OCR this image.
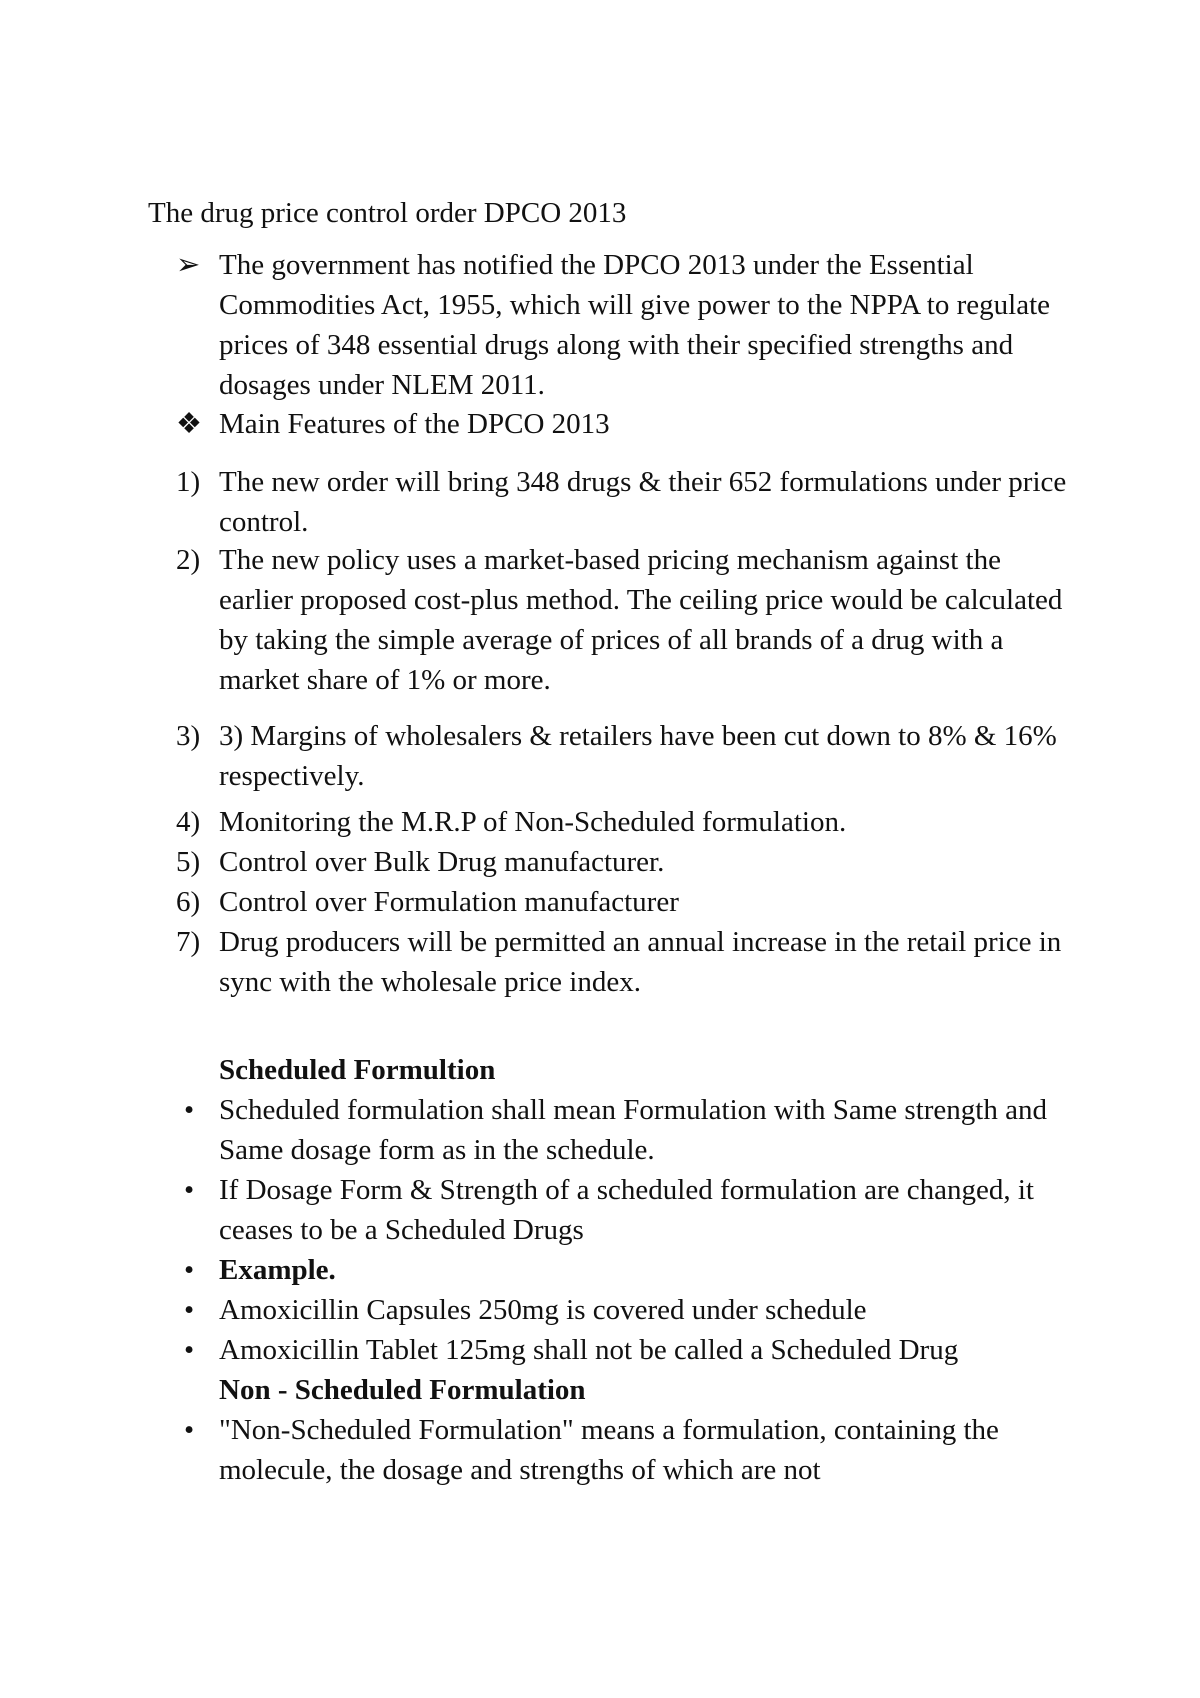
The drug price control order DPCO 2013
➢ The government has notified the DPCO 2013 under the Essential Commodities Act, 1955, which will give power to the NPPA to regulate prices of 348 essential drugs along with their specified strengths and dosages under NLEM 2011.
❖ Main Features of the DPCO 2013
1) The new order will bring 348 drugs & their 652 formulations under price control.
2) The new policy uses a market-based pricing mechanism against the earlier proposed cost-plus method. The ceiling price would be calculated by taking the simple average of prices of all brands of a drug with a market share of 1% or more.
3) 3) Margins of wholesalers & retailers have been cut down to 8% & 16% respectively.
4) Monitoring the M.R.P of Non-Scheduled formulation.
5) Control over Bulk Drug manufacturer.
6) Control over Formulation manufacturer
7) Drug producers will be permitted an annual increase in the retail price in sync with the wholesale price index.
Scheduled Formultion
• Scheduled formulation shall mean Formulation with Same strength and Same dosage form as in the schedule.
• If Dosage Form & Strength of a scheduled formulation are changed, it ceases to be a Scheduled Drugs
• Example.
• Amoxicillin Capsules 250mg is covered under schedule
• Amoxicillin Tablet 125mg shall not be called a Scheduled Drug
Non - Scheduled Formulation
• "Non-Scheduled Formulation" means a formulation, containing the molecule, the dosage and strengths of which are not
